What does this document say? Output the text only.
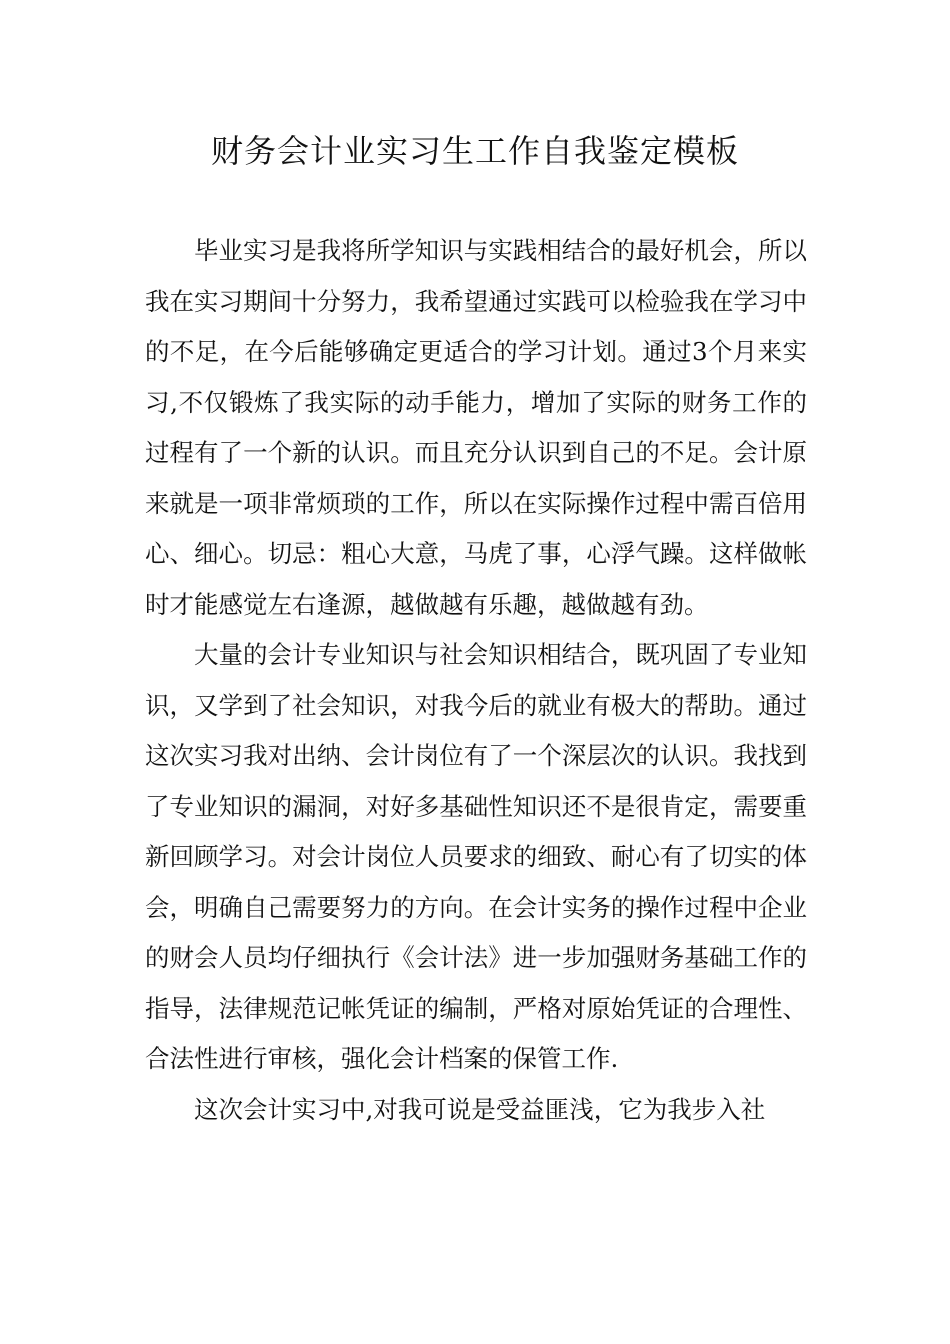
财务会计业实习生工作自我鉴定模板

毕业实习是我将所学知识与实践相结合的最好机会，所以我在实习期间十分努力，我希望通过实践可以检验我在学习中的不足，在今后能够确定更适合的学习计划。通过3个月来实习,不仅锻炼了我实际的动手能力，增加了实际的财务工作的过程有了一个新的认识。而且充分认识到自己的不足。会计原来就是一项非常烦琐的工作，所以在实际操作过程中需百倍用心、细心。切忌：粗心大意，马虎了事，心浮气躁。这样做帐时才能感觉左右逢源，越做越有乐趣，越做越有劲。

大量的会计专业知识与社会知识相结合，既巩固了专业知识，又学到了社会知识，对我今后的就业有极大的帮助。通过这次实习我对出纳、会计岗位有了一个深层次的认识。我找到了专业知识的漏洞，对好多基础性知识还不是很肯定，需要重新回顾学习。对会计岗位人员要求的细致、耐心有了切实的体会，明确自己需要努力的方向。在会计实务的操作过程中企业的财会人员均仔细执行《会计法》进一步加强财务基础工作的指导，法律规范记帐凭证的编制，严格对原始凭证的合理性、合法性进行审核，强化会计档案的保管工作.

这次会计实习中,对我可说是受益匪浅，它为我步入社
